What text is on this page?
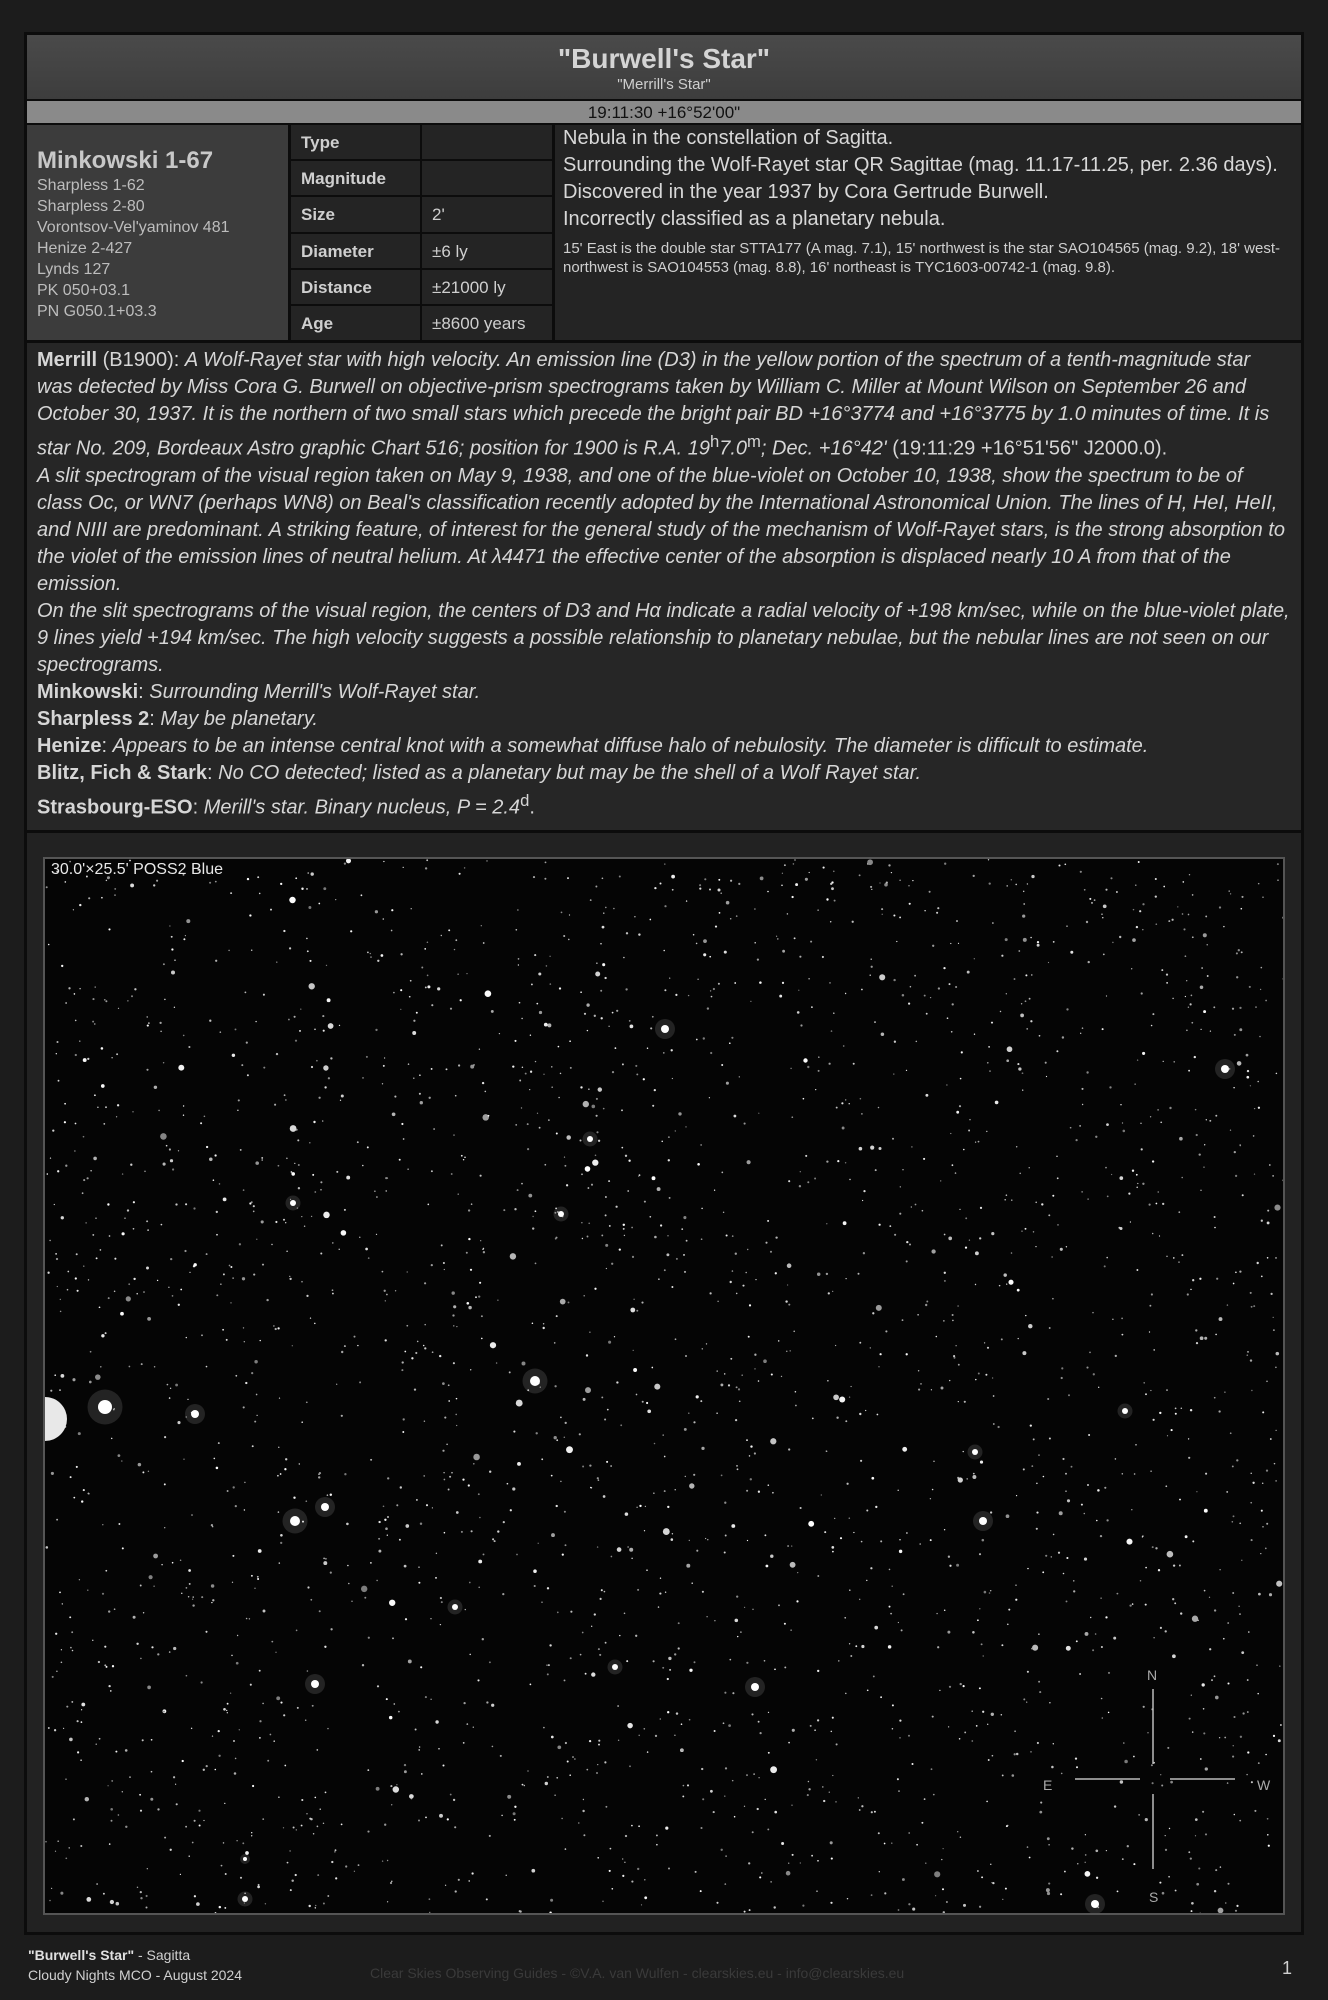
"Burwell's Star"
"Merrill's Star"
19:11:30 +16°52'00"
Minkowski 1-67
Sharpless 1-62
Sharpless 2-80
Vorontsov-Vel'yaminov 481
Henize 2-427
Lynds 127
PK 050+03.1
PN G050.1+03.3
Type
Magnitude
Size	2'
Diameter	±6 ly
Distance	±21000 ly
Age	±8600 years

Nebula in the constellation of Sagitta.

Surrounding the Wolf-Rayet star QR Sagittae (mag. 11.17-11.25, per. 2.36 days).

Discovered in the year 1937 by Cora Gertrude Burwell.

Incorrectly classified as a planetary nebula.

15' East is the double star STTA177 (A mag. 7.1), 15' northwest is the star SAO104565 (mag. 9.2), 18' west-northwest is SAO104553 (mag. 8.8), 16' northeast is TYC1603-00742-1 (mag. 9.8).

Merrill (B1900): A Wolf-Rayet star with high velocity. An emission line (D3) in the yellow portion of the spectrum of a tenth-magnitude star was detected by Miss Cora G. Burwell on objective-prism spectrograms taken by William C. Miller at Mount Wilson on September 26 and October 30, 1937. It is the northern of two small stars which precede the bright pair BD +16°3774 and +16°3775 by 1.0 minutes of time. It is star No. 209, Bordeaux Astro graphic Chart 516; position for 1900 is R.A. 19$^h$7.0$^m$; Dec. +16°42' (19:11:29 +16°51'56" J2000.0).
A slit spectrogram of the visual region taken on May 9, 1938, and one of the blue-violet on October 10, 1938, show the spectrum to be of class Oc, or WN7 (perhaps WN8) on Beal's classification recently adopted by the International Astronomical Union. The lines of H, HeI, HeII, and NIII are predominant. A striking feature, of interest for the general study of the mechanism of Wolf-Rayet stars, is the strong absorption to the violet of the emission lines of neutral helium. At λ4471 the effective center of the absorption is displaced nearly 10 A from that of the emission.
On the slit spectrograms of the visual region, the centers of D3 and Hα indicate a radial velocity of +198 km/sec, while on the blue-violet plate, 9 lines yield +194 km/sec. The high velocity suggests a possible relationship to planetary nebulae, but the nebular lines are not seen on our spectrograms.
Minkowski: Surrounding Merrill's Wolf-Rayet star.
Sharpless 2: May be planetary.
Henize: Appears to be an intense central knot with a somewhat diffuse halo of nebulosity. The diameter is difficult to estimate.
Blitz, Fich & Stark: No CO detected; listed as a planetary but may be the shell of a Wolf Rayet star.
Strasbourg-ESO: Merill's star. Binary nucleus, P = 2.4$^d$.
30.0'×25.5' POSS2 Blue
N
S
E	W
"Burwell's Star" - Sagitta
Cloudy Nights MCO - August 2024	Clear Skies Observing Guides - ©V.A. van Wulfen - clearskies.eu - info@clearskies.eu	1
